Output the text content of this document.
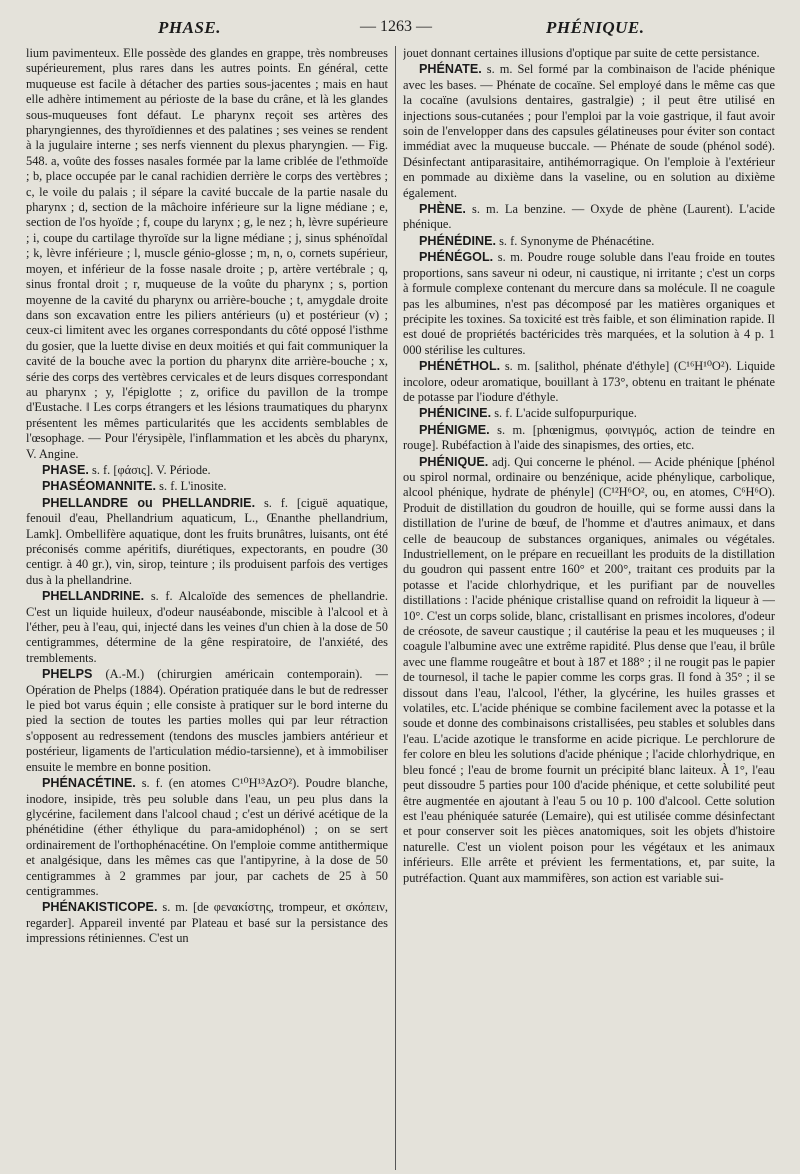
PHASE.	— 1263 —	PHÉNIQUE.

lium pavimenteux. Elle possède des glandes en grappe, très nombreuses supérieurement, plus rares dans les autres points. En général, cette muqueuse est facile à détacher des parties sous-jacentes ; mais en haut elle adhère intimement au périoste de la base du crâne, et là les glandes sous-muqueuses font défaut. Le pharynx reçoit ses artères des pharyngiennes, des thyroïdiennes et des palatines ; ses veines se rendent à la jugulaire interne ; ses nerfs viennent du plexus pharyngien. — Fig. 548. a, voûte des fosses nasales formée par la lame criblée de l'ethmoïde ; b, place occupée par le canal rachidien derrière le corps des vertèbres ; c, le voile du palais ; il sépare la cavité buccale de la partie nasale du pharynx ; d, section de la mâchoire inférieure sur la ligne médiane ; e, section de l'os hyoïde ; f, coupe du larynx ; g, le nez ; h, lèvre supérieure ; i, coupe du cartilage thyroïde sur la ligne médiane ; j, sinus sphénoïdal ; k, lèvre inférieure ; l, muscle génio-glosse ; m, n, o, cornets supérieur, moyen, et inférieur de la fosse nasale droite ; p, artère vertébrale ; q, sinus frontal droit ; r, muqueuse de la voûte du pharynx ; s, portion moyenne de la cavité du pharynx ou arrière-bouche ; t, amygdale droite dans son excavation entre les piliers antérieurs (u) et postérieur (v) ; ceux-ci limitent avec les organes correspondants du côté opposé l'isthme du gosier, que la luette divise en deux moitiés et qui fait communiquer la cavité de la bouche avec la portion du pharynx dite arrière-bouche ; x, série des corps des vertèbres cervicales et de leurs disques correspondant au pharynx ; y, l'épiglotte ; z, orifice du pavillon de la trompe d'Eustache. ‖ Les corps étrangers et les lésions traumatiques du pharynx présentent les mêmes particularités que les accidents semblables de l'œsophage. — Pour l'érysipèle, l'inflammation et les abcès du pharynx, V. Angine.

PHASE. s. f. [φάσις]. V. Période.

PHASÉOMANNITE. s. f. L'inosite.

PHELLANDRE ou PHELLANDRIE. s. f. [ciguë aquatique, fenouil d'eau, Phellandrium aquaticum, L., Œnanthe phellandrium, Lamk]. Ombellifère aquatique, dont les fruits brunâtres, luisants, ont été préconisés comme apéritifs, diurétiques, expectorants, en poudre (30 centigr. à 40 gr.), vin, sirop, teinture ; ils produisent parfois des vertiges dus à la phellandrine.

PHELLANDRINE. s. f. Alcaloïde des semences de phellandrie. C'est un liquide huileux, d'odeur nauséabonde, miscible à l'alcool et à l'éther, peu à l'eau, qui, injecté dans les veines d'un chien à la dose de 50 centigrammes, détermine de la gêne respiratoire, de l'anxiété, des tremblements.

PHELPS (A.-M.) (chirurgien américain contemporain). — Opération de Phelps (1884). Opération pratiquée dans le but de redresser le pied bot varus équin ; elle consiste à pratiquer sur le bord interne du pied la section de toutes les parties molles qui par leur rétraction s'opposent au redressement (tendons des muscles jambiers antérieur et postérieur, ligaments de l'articulation médio-tarsienne), et à immobiliser ensuite le membre en bonne position.

PHÉNACÉTINE. s. f. (en atomes C¹⁰H¹³AzO²). Poudre blanche, inodore, insipide, très peu soluble dans l'eau, un peu plus dans la glycérine, facilement dans l'alcool chaud ; c'est un dérivé acétique de la phénétidine (éther éthylique du para-amidophénol) ; on se sert ordinairement de l'orthophénacétine. On l'emploie comme antithermique et analgésique, dans les mêmes cas que l'antipyrine, à la dose de 50 centigrammes à 2 grammes par jour, par cachets de 25 à 50 centigrammes.

PHÉNAKISTICOPE. s. m. [de φενακίστης, trompeur, et σκόπειν, regarder]. Appareil inventé par Plateau et basé sur la persistance des impressions rétiniennes. C'est un

jouet donnant certaines illusions d'optique par suite de cette persistance.

PHÉNATE. s. m. Sel formé par la combinaison de l'acide phénique avec les bases. — Phénate de cocaïne. Sel employé dans le même cas que la cocaïne (avulsions dentaires, gastralgie) ; il peut être utilisé en injections sous-cutanées ; pour l'emploi par la voie gastrique, il faut avoir soin de l'envelopper dans des capsules gélatineuses pour éviter son contact immédiat avec la muqueuse buccale. — Phénate de soude (phénol sodé). Désinfectant antiparasitaire, antihémorragique. On l'emploie à l'extérieur en pommade au dixième dans la vaseline, ou en solution au dixième également.

PHÈNE. s. m. La benzine. — Oxyde de phène (Laurent). L'acide phénique.

PHÉNÉDINE. s. f. Synonyme de Phénacétine.

PHÉNÉGOL. s. m. Poudre rouge soluble dans l'eau froide en toutes proportions, sans saveur ni odeur, ni caustique, ni irritante ; c'est un corps à formule complexe contenant du mercure dans sa molécule. Il ne coagule pas les albumines, n'est pas décomposé par les matières organiques et précipite les toxines. Sa toxicité est très faible, et son élimination rapide. Il est doué de propriétés bactéricides très marquées, et la solution à 4 p. 1 000 stérilise les cultures.

PHÉNÉTHOL. s. m. [salithol, phénate d'éthyle] (C¹⁶H¹⁰O²). Liquide incolore, odeur aromatique, bouillant à 173°, obtenu en traitant le phénate de potasse par l'iodure d'éthyle.

PHÉNICINE. s. f. L'acide sulfopurpurique.

PHÉNIGME. s. m. [phœnigmus, φοινιγμός, action de teindre en rouge]. Rubéfaction à l'aide des sinapismes, des orties, etc.

PHÉNIQUE. adj. Qui concerne le phénol. — Acide phénique [phénol ou spirol normal, ordinaire ou benzénique, acide phénylique, carbolique, alcool phénique, hydrate de phényle] (C¹²H⁶O², ou, en atomes, C⁶H⁶O). Produit de distillation du goudron de houille, qui se forme aussi dans la distillation de l'urine de bœuf, de l'homme et d'autres animaux, et dans celle de beaucoup de substances organiques, animales ou végétales. Industriellement, on le prépare en recueillant les produits de la distillation du goudron qui passent entre 160° et 200°, traitant ces produits par la potasse et l'acide chlorhydrique, et les purifiant par de nouvelles distillations : l'acide phénique cristallise quand on refroidit la liqueur à — 10°. C'est un corps solide, blanc, cristallisant en prismes incolores, d'odeur de créosote, de saveur caustique ; il cautérise la peau et les muqueuses ; il coagule l'albumine avec une extrême rapidité. Plus dense que l'eau, il brûle avec une flamme rougeâtre et bout à 187 et 188° ; il ne rougit pas le papier de tournesol, il tache le papier comme les corps gras. Il fond à 35° ; il se dissout dans l'eau, l'alcool, l'éther, la glycérine, les huiles grasses et volatiles, etc. L'acide phénique se combine facilement avec la potasse et la soude et donne des combinaisons cristallisées, peu stables et solubles dans l'eau. L'acide azotique le transforme en acide picrique. Le perchlorure de fer colore en bleu les solutions d'acide phénique ; l'acide chlorhydrique, en bleu foncé ; l'eau de brome fournit un précipité blanc laiteux. À 1°, l'eau peut dissoudre 5 parties pour 100 d'acide phénique, et cette solubilité peut être augmentée en ajoutant à l'eau 5 ou 10 p. 100 d'alcool. Cette solution est l'eau phéniquée saturée (Lemaire), qui est utilisée comme désinfectant et pour conserver soit les pièces anatomiques, soit les objets d'histoire naturelle. C'est un violent poison pour les végétaux et les animaux inférieurs. Elle arrête et prévient les fermentations, et, par suite, la putréfaction. Quant aux mammifères, son action est variable sui-
